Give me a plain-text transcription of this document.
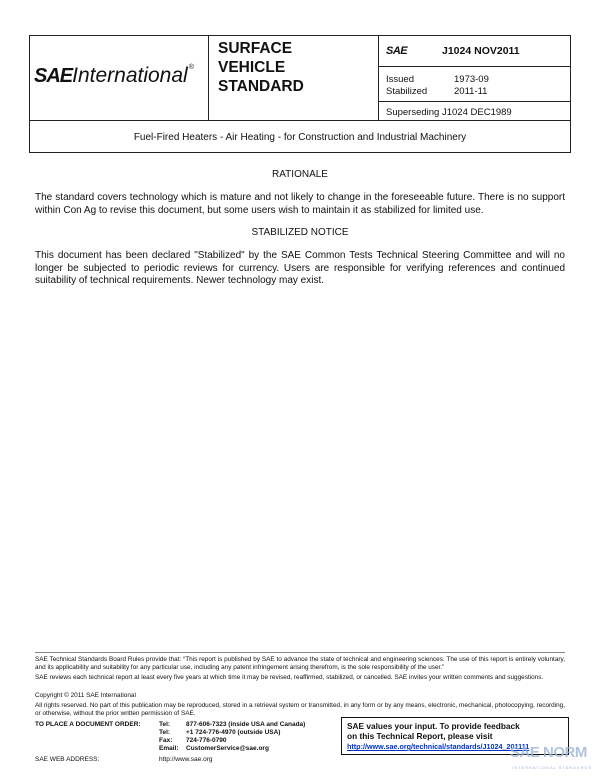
SAEInternational®
SURFACE
VEHICLE
STANDARD
SAE	J1024 NOV2011
Issued	1973-09
Stabilized	2011-11
Superseding J1024 DEC1989
Fuel-Fired Heaters - Air Heating - for Construction and Industrial Machinery
RATIONALE
The standard covers technology which is mature and not likely to change in the foreseeable future. There is no support within Con Ag to revise this document, but some users wish to maintain it as stabilized for limited use.
STABILIZED NOTICE
This document has been declared "Stabilized" by the SAE Common Tests Technical Steering Committee and will no longer be subjected to periodic reviews for currency. Users are responsible for verifying references and continued suitability of technical requirements. Newer technology may exist.
SAE Technical Standards Board Rules provide that: “This report is published by SAE to advance the state of technical and engineering sciences. The use of this report is entirely voluntary, and its applicability and suitability for any particular use, including any patent infringement arising therefrom, is the sole responsibility of the user.”
SAE reviews each technical report at least every five years at which time it may be revised, reaffirmed, stabilized, or cancelled. SAE invites your written comments and suggestions.
Copyright © 2011 SAE International
All rights reserved. No part of this publication may be reproduced, stored in a retrieval system or transmitted, in any form or by any means, electronic, mechanical, photocopying, recording, or otherwise, without the prior written permission of SAE.
TO PLACE A DOCUMENT ORDER:	Tel: 877-606-7323 (inside USA and Canada)
Tel: +1 724-776-4970 (outside USA)
Fax: 724-776-0790
Email: CustomerService@sae.org
SAE WEB ADDRESS:	http://www.sae.org
SAE values your input. To provide feedback
on this Technical Report, please visit
http://www.sae.org/technical/standards/J1024_201111
SAE NORM
INTERNATIONAL STANDARDS
